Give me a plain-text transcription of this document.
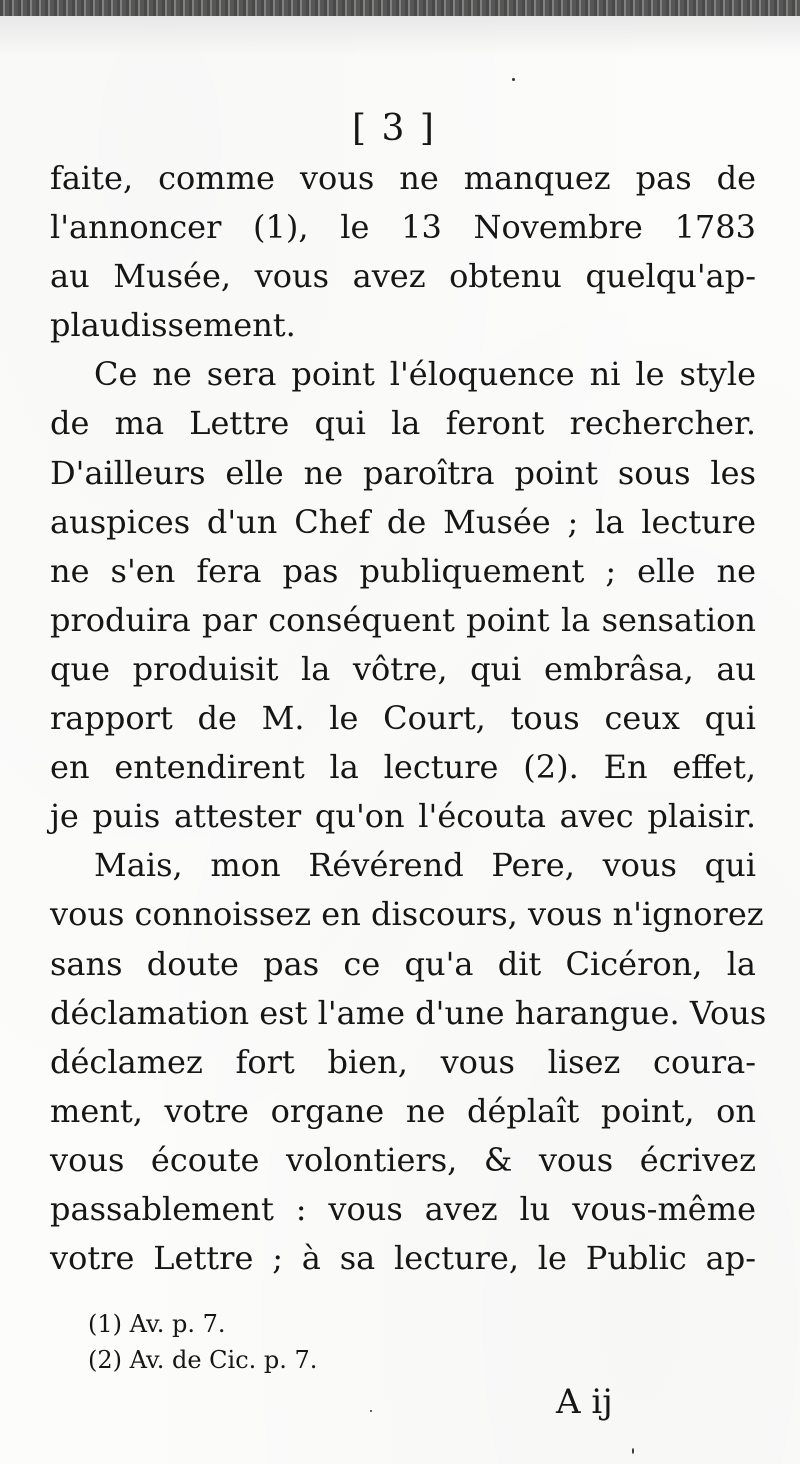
[ 3 ]
faite, comme vous ne manquez pas de
l'annoncer (1), le 13 Novembre 1783
au Musée, vous avez obtenu quelqu'ap-
plaudissement.
Ce ne sera point l'éloquence ni le style
de ma Lettre qui la feront rechercher.
D'ailleurs elle ne paroîtra point sous les
auspices d'un Chef de Musée ; la lecture
ne s'en fera pas publiquement ; elle ne
produira par conséquent point la sensation
que produisit la vôtre, qui embrâsa, au
rapport de M. le Court, tous ceux qui
en entendirent la lecture (2). En effet,
je puis attester qu'on l'écouta avec plaisir.
Mais, mon Révérend Pere, vous qui
vous connoissez en discours, vous n'ignorez
sans doute pas ce qu'a dit Cicéron, la
déclamation est l'ame d'une harangue. Vous
déclamez fort bien, vous lisez coura-
ment, votre organe ne déplaît point, on
vous écoute volontiers, & vous écrivez
passablement : vous avez lu vous-même
votre Lettre ; à sa lecture, le Public ap-
(1) Av. p. 7.
(2) Av. de Cic. p. 7.
A ij
